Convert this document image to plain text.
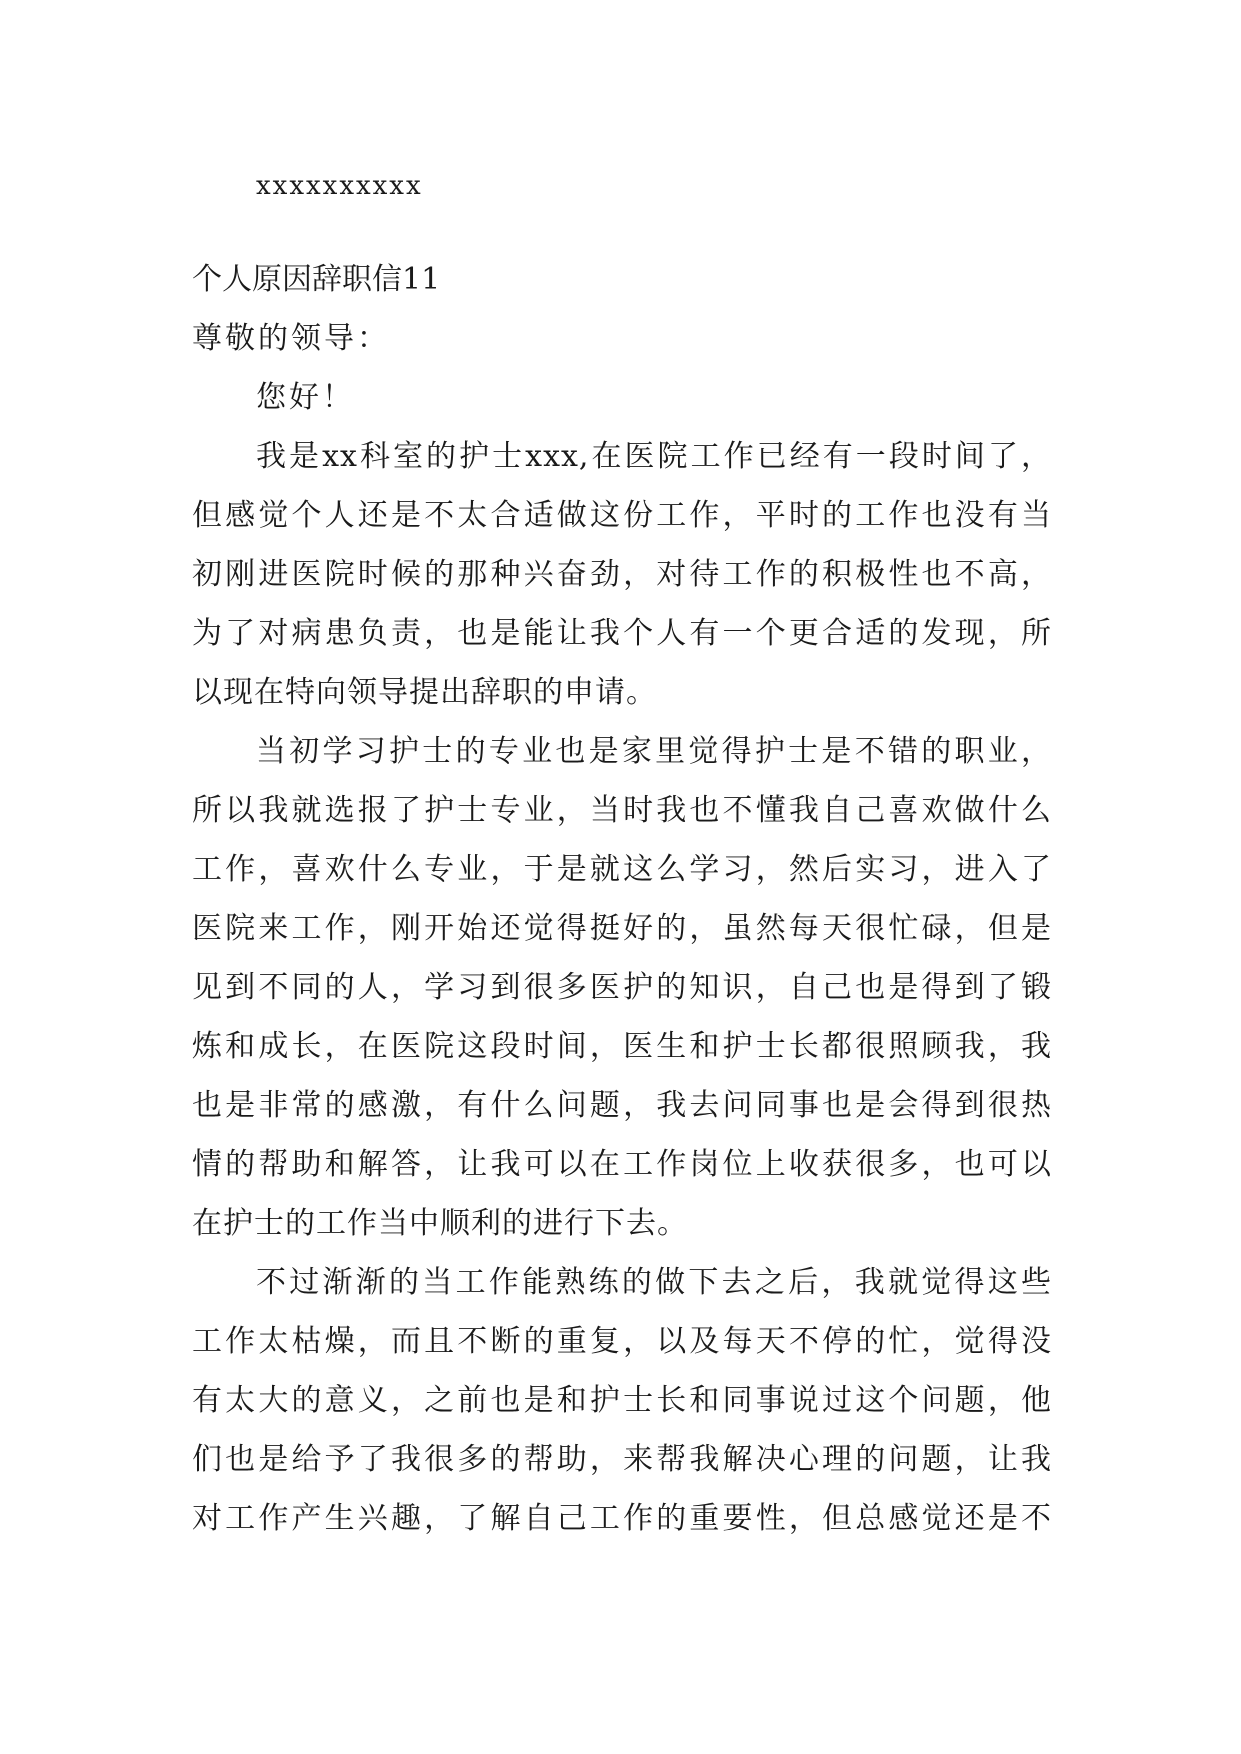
xxxxxxxxxx
个人原因辞职信11
尊敬的领导：
您好！
我是xx科室的护士xxx,在医院工作已经有一段时间了，
但感觉个人还是不太合适做这份工作，平时的工作也没有当
初刚进医院时候的那种兴奋劲，对待工作的积极性也不高，
为了对病患负责，也是能让我个人有一个更合适的发现，所
以现在特向领导提出辞职的申请。
当初学习护士的专业也是家里觉得护士是不错的职业，
所以我就选报了护士专业，当时我也不懂我自己喜欢做什么
工作，喜欢什么专业，于是就这么学习，然后实习，进入了
医院来工作，刚开始还觉得挺好的，虽然每天很忙碌，但是
见到不同的人，学习到很多医护的知识，自己也是得到了锻
炼和成长，在医院这段时间，医生和护士长都很照顾我，我
也是非常的感激，有什么问题，我去问同事也是会得到很热
情的帮助和解答，让我可以在工作岗位上收获很多，也可以
在护士的工作当中顺利的进行下去。
不过渐渐的当工作能熟练的做下去之后，我就觉得这些
工作太枯燥，而且不断的重复，以及每天不停的忙，觉得没
有太大的意义，之前也是和护士长和同事说过这个问题，他
们也是给予了我很多的帮助，来帮我解决心理的问题，让我
对工作产生兴趣，了解自己工作的重要性，但总感觉还是不
